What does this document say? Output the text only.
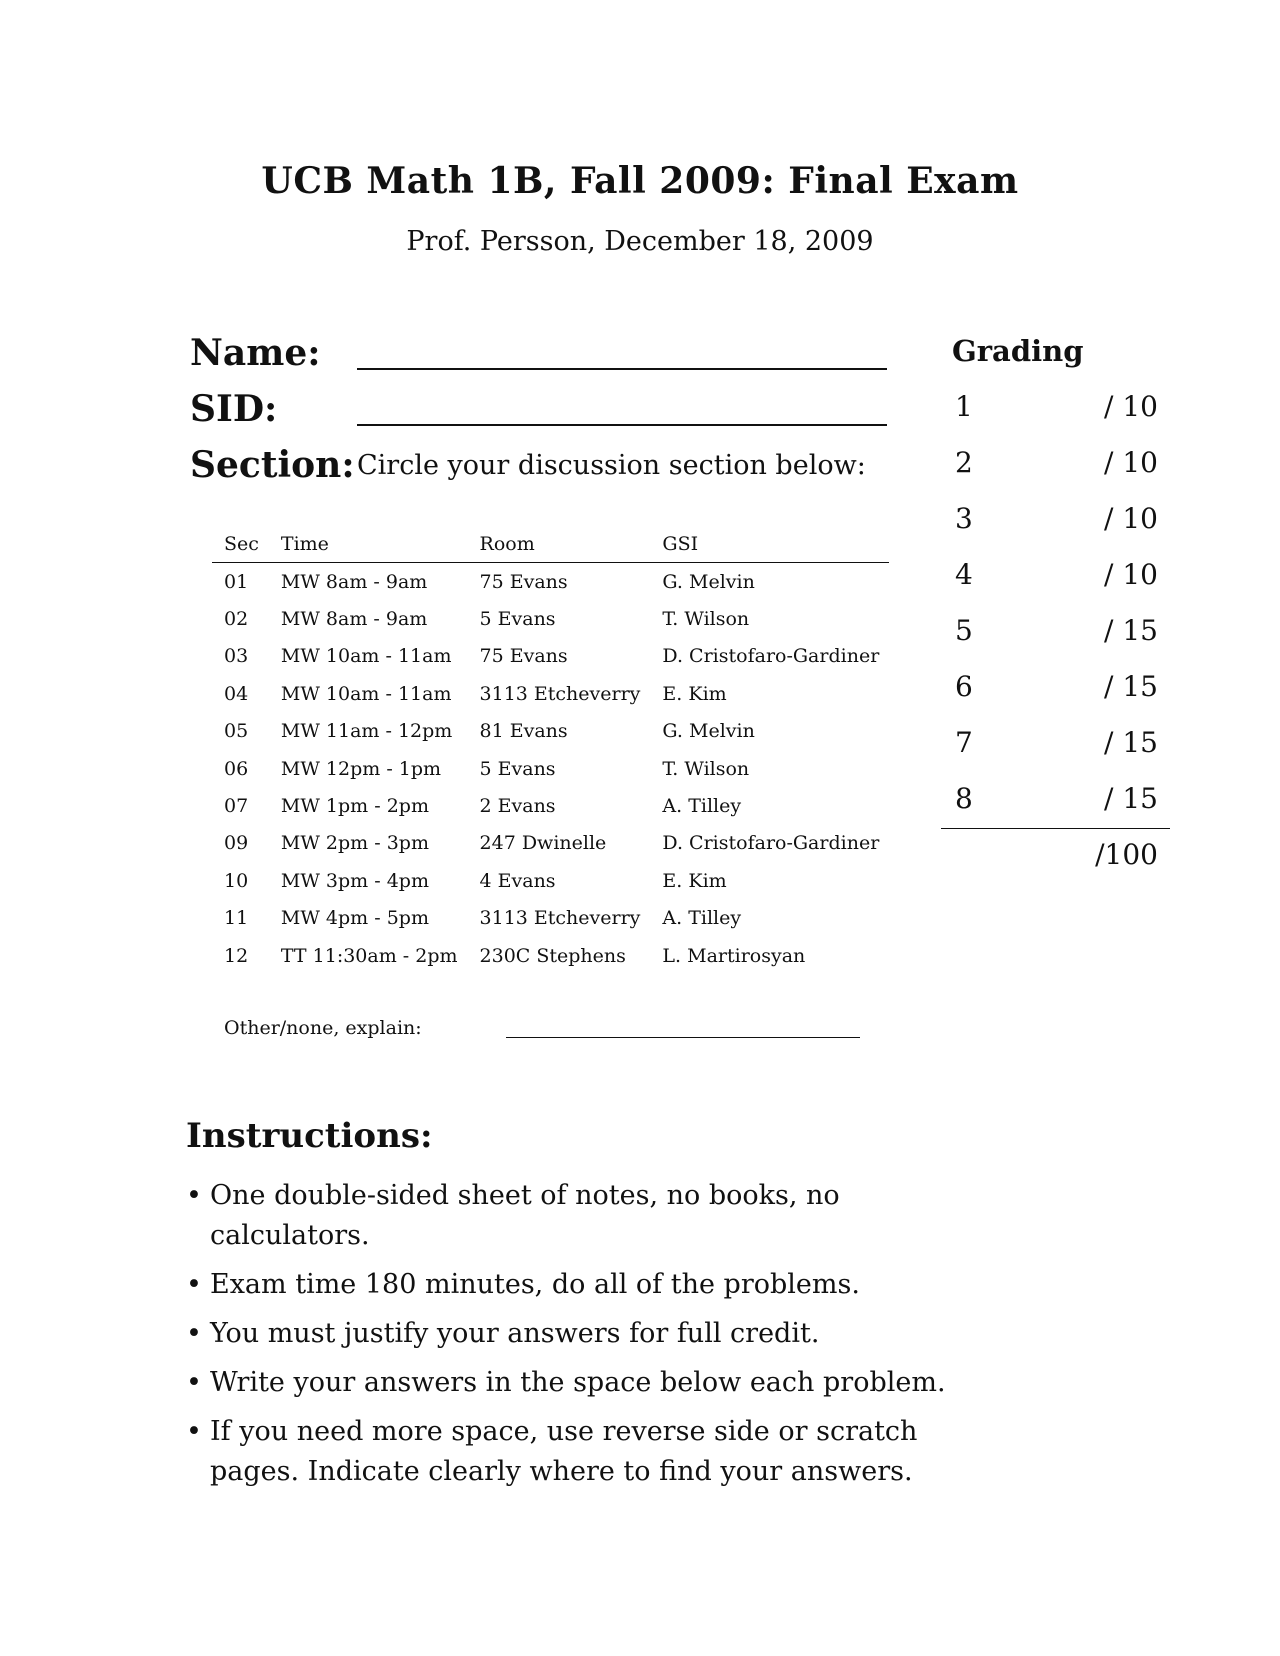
UCB Math 1B, Fall 2009: Final Exam
Prof. Persson, December 18, 2009
Name:
SID:
Section: Circle your discussion section below:
Sec	Time	Room	GSI
01	MW 8am - 9am	75 Evans	G. Melvin
02	MW 8am - 9am	5 Evans	T. Wilson
03	MW 10am - 11am	75 Evans	D. Cristofaro-Gardiner
04	MW 10am - 11am	3113 Etcheverry	E. Kim
05	MW 11am - 12pm	81 Evans	G. Melvin
06	MW 12pm - 1pm	5 Evans	T. Wilson
07	MW 1pm - 2pm	2 Evans	A. Tilley
09	MW 2pm - 3pm	247 Dwinelle	D. Cristofaro-Gardiner
10	MW 3pm - 4pm	4 Evans	E. Kim
11	MW 4pm - 5pm	3113 Etcheverry	A. Tilley
12	TT 11:30am - 2pm	230C Stephens	L. Martirosyan
Other/none, explain:
Grading
1	/ 10
2	/ 10
3	/ 10
4	/ 10
5	/ 15
6	/ 15
7	/ 15
8	/ 15
/100
Instructions:
• One double-sided sheet of notes, no books, no calculators.
• Exam time 180 minutes, do all of the problems.
• You must justify your answers for full credit.
• Write your answers in the space below each problem.
• If you need more space, use reverse side or scratch pages. Indicate clearly where to find your answers.
